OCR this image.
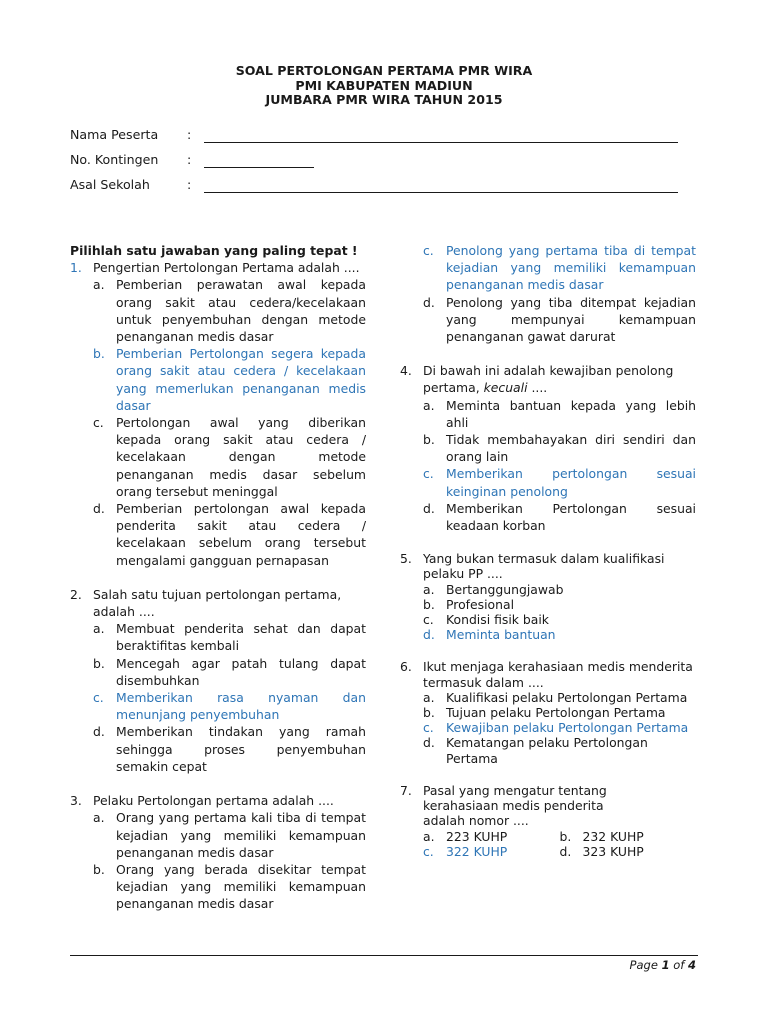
SOAL PERTOLONGAN PERTAMA PMR WIRA
PMI KABUPATEN MADIUN
JUMBARA PMR WIRA TAHUN 2015
Nama Peserta :
No. Kontingen :
Asal Sekolah	:
Pilihlah satu jawaban yang paling tepat !
1. Pengertian Pertolongan Pertama adalah ....
a. Pemberian perawatan awal kepada orang sakit atau cedera/kecelakaan untuk penyembuhan dengan metode penanganan medis dasar
b. Pemberian Pertolongan segera kepada orang sakit atau cedera / kecelakaan yang memerlukan penanganan medis dasar
c. Pertolongan awal yang diberikan kepada orang sakit atau cedera / kecelakaan dengan metode penanganan medis dasar sebelum orang tersebut meninggal
d. Pemberian pertolongan awal kepada penderita sakit atau cedera / kecelakaan sebelum orang tersebut mengalami gangguan pernapasan
2. Salah satu tujuan pertolongan pertama, adalah ....
a. Membuat penderita sehat dan dapat beraktifitas kembali
b. Mencegah agar patah tulang dapat disembuhkan
c. Memberikan rasa nyaman dan menunjang penyembuhan
d. Memberikan tindakan yang ramah sehingga proses penyembuhan semakin cepat
3. Pelaku Pertolongan pertama adalah ....
a. Orang yang pertama kali tiba di tempat kejadian yang memiliki kemampuan penanganan medis dasar
b. Orang yang berada disekitar tempat kejadian yang memiliki kemampuan penanganan medis dasar
c. Penolong yang pertama tiba di tempat kejadian yang memiliki kemampuan penanganan medis dasar
d. Penolong yang tiba ditempat kejadian yang mempunyai kemampuan penanganan gawat darurat
4. Di bawah ini adalah kewajiban penolong pertama, kecuali ....
a. Meminta bantuan kepada yang lebih ahli
b. Tidak membahayakan diri sendiri dan orang lain
c. Memberikan pertolongan sesuai keinginan penolong
d. Memberikan Pertolongan sesuai keadaan korban
5. Yang bukan termasuk dalam kualifikasi pelaku PP ....
a. Bertanggungjawab
b. Profesional
c. Kondisi fisik baik
d. Meminta bantuan
6. Ikut menjaga kerahasiaan medis menderita termasuk dalam ....
a. Kualifikasi pelaku Pertolongan Pertama
b. Tujuan pelaku Pertolongan Pertama
c. Kewajiban pelaku Pertolongan Pertama
d. Kematangan pelaku Pertolongan Pertama
7. Pasal yang mengatur tentang kerahasiaan medis penderita adalah nomor ....
a. 223 KUHP	b. 232 KUHP
c. 322 KUHP	d. 323 KUHP
Page 1 of 4
